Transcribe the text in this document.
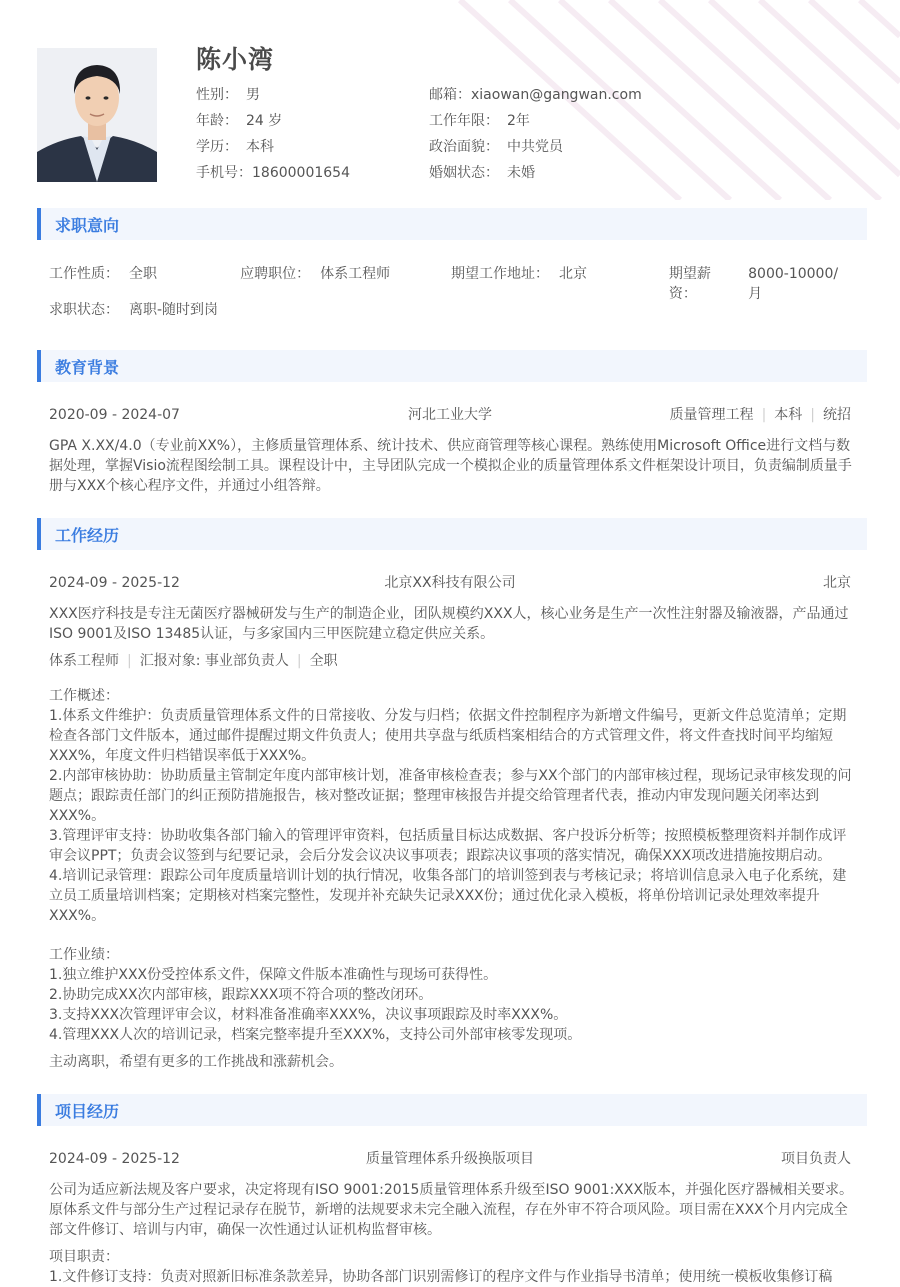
陈小湾
性别： 男	邮箱： xiaowan@gangwan.com
年龄： 24 岁	工作年限： 2年
学历： 本科	政治面貌： 中共党员
手机号： 18600001654	婚姻状态： 未婚
求职意向
工作性质： 全职	应聘职位： 体系工程师	期望工作地址： 北京	期望薪资：
8000-10000/月
求职状态： 离职-随时到岗
教育背景
2020-09 - 2024-07	河北工业大学	质量管理工程 | 本科 | 统招
GPA X.XX/4.0（专业前XX%），主修质量管理体系、统计技术、供应商管理等核心课程。熟练使用Microsoft Office进行文档与数据处理，掌握Visio流程图绘制工具。课程设计中，主导团队完成一个模拟企业的质量管理体系文件框架设计项目，负责编制质量手册与XXX个核心程序文件，并通过小组答辩。
工作经历
2024-09 - 2025-12	北京XX科技有限公司	北京
XXX医疗科技是专注无菌医疗器械研发与生产的制造企业，团队规模约XXX人，核心业务是生产一次性注射器及输液器，产品通过ISO 9001及ISO 13485认证，与多家国内三甲医院建立稳定供应关系。
体系工程师 | 汇报对象: 事业部负责人 | 全职

工作概述：

1.体系文件维护：负责质量管理体系文件的日常接收、分发与归档；依据文件控制程序为新增文件编号，更新文件总览清单；定期检查各部门文件版本，通过邮件提醒过期文件负责人；使用共享盘与纸质档案相结合的方式管理文件，将文件查找时间平均缩短XXX%，年度文件归档错误率低于XXX%。

2.内部审核协助：协助质量主管制定年度内部审核计划，准备审核检查表；参与XX个部门的内部审核过程，现场记录审核发现的问题点；跟踪责任部门的纠正预防措施报告，核对整改证据；整理审核报告并提交给管理者代表，推动内审发现问题关闭率达到XXX%。

3.管理评审支持：协助收集各部门输入的管理评审资料，包括质量目标达成数据、客户投诉分析等；按照模板整理资料并制作成评审会议PPT；负责会议签到与纪要记录，会后分发会议决议事项表；跟踪决议事项的落实情况，确保XXX项改进措施按期启动。

4.培训记录管理：跟踪公司年度质量培训计划的执行情况，收集各部门的培训签到表与考核记录；将培训信息录入电子化系统，建立员工质量培训档案；定期核对档案完整性，发现并补充缺失记录XXX份；通过优化录入模板，将单份培训记录处理效率提升XXX%。

工作业绩：

1.独立维护XXX份受控体系文件，保障文件版本准确性与现场可获得性。

2.协助完成XX次内部审核，跟踪XXX项不符合项的整改闭环。

3.支持XXX次管理评审会议，材料准备准确率XXX%，决议事项跟踪及时率XXX%。

4.管理XXX人次的培训记录，档案完整率提升至XXX%，支持公司外部审核零发现项。

主动离职，希望有更多的工作挑战和涨薪机会。
项目经历
2024-09 - 2025-12	质量管理体系升级换版项目	项目负责人
公司为适应新法规及客户要求，决定将现有ISO 9001:2015质量管理体系升级至ISO 9001:XXX版本，并强化医疗器械相关要求。原体系文件与部分生产过程记录存在脱节，新增的法规要求未完全融入流程，存在外审不符合项风险。项目需在XXX个月内完成全部文件修订、培训与内审，确保一次性通过认证机构监督审核。

项目职责：

1.文件修订支持：负责对照新旧标准条款差异，协助各部门识别需修订的程序文件与作业指导书清单；使用统一模板收集修订稿
